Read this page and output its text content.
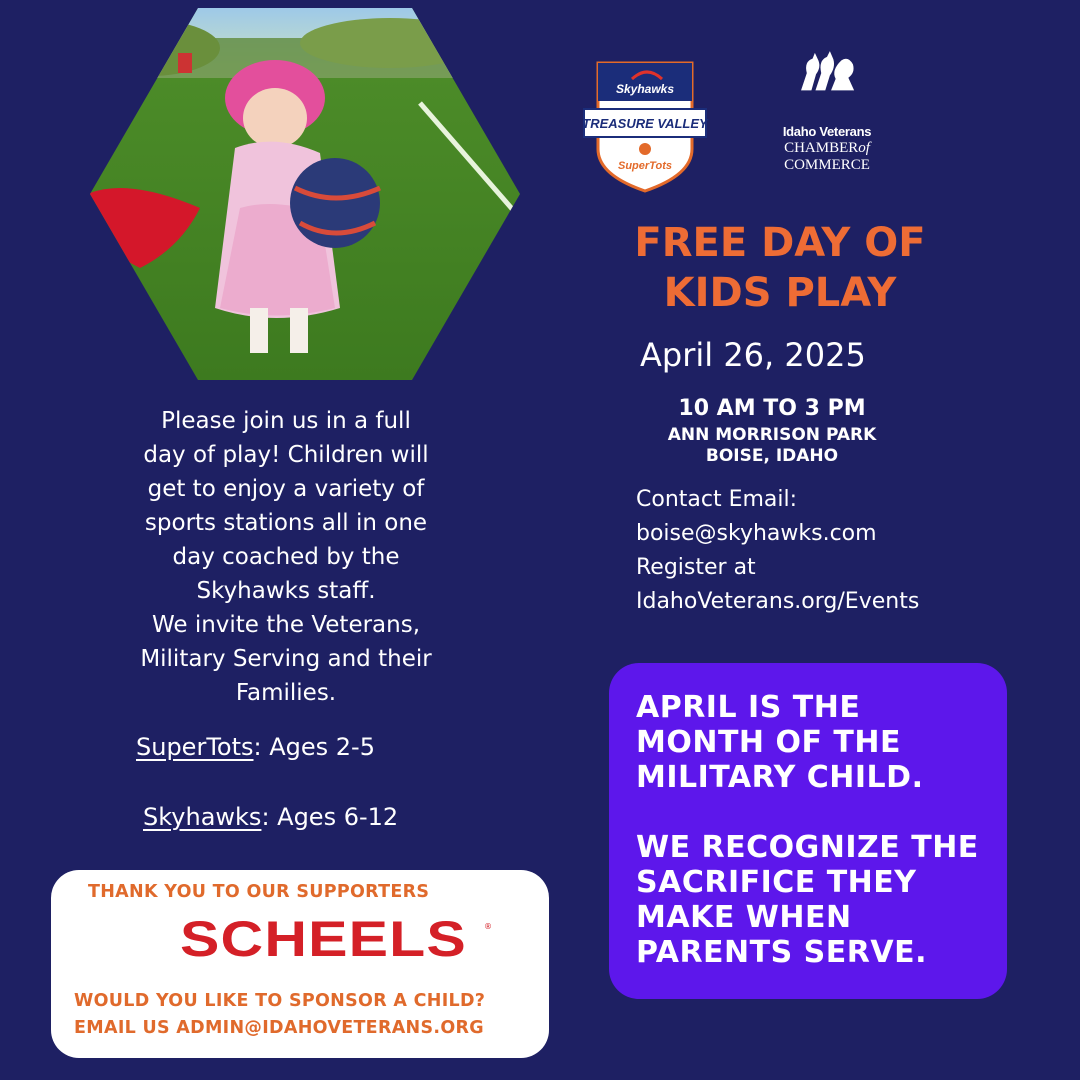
Skyhawks
TREASURE VALLEY
SuperTots
Idaho Veterans
CHAMBERof
COMMERCE
FREE DAY OF
KIDS PLAY
April 26, 2025
10 AM TO 3 PM
ANN MORRISON PARK
BOISE, IDAHO
Contact Email:
boise@skyhawks.com
Register at
IdahoVeterans.org/Events
Please join us in a full
day of play! Children will
get to enjoy a variety of
sports stations all in one
day coached by the
Skyhawks staff.
We invite the Veterans,
Military Serving and their
Families.
SuperTots: Ages 2-5
Skyhawks: Ages 6-12
THANK YOU TO OUR SUPPORTERS
SCHEELS ®
WOULD YOU LIKE TO SPONSOR A CHILD?
EMAIL US ADMIN@IDAHOVETERANS.ORG

APRIL IS THE
MONTH OF THE
MILITARY CHILD.

WE RECOGNIZE THE
SACRIFICE THEY
MAKE WHEN
PARENTS SERVE.
